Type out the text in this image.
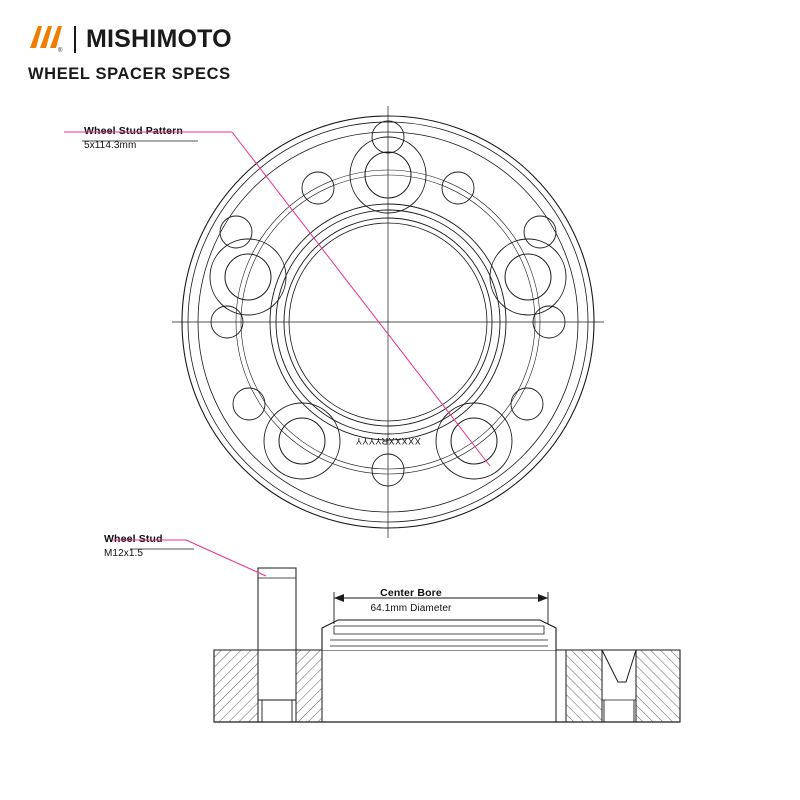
® MISHIMOTO
WHEEL SPACER SPECS
Wheel Stud Pattern
5x114.3mm
Wheel Stud
M12x1.5
Center Bore
64.1mm Diameter
XXXXXRYYYY
